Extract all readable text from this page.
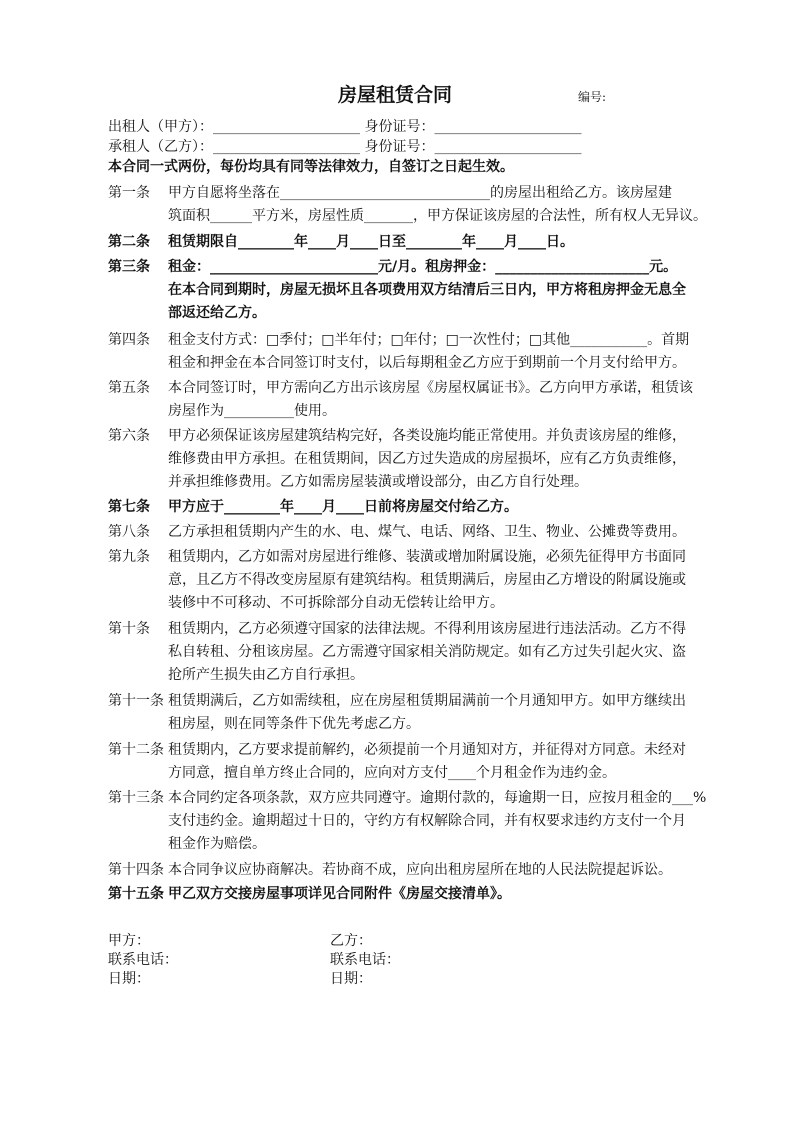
房屋租赁合同	编号:
出租人（甲方）：_____________________ 身份证号：_____________________
承租人（乙方）：_____________________ 身份证号：_____________________
本合同一式两份，每份均具有同等法律效力，自签订之日起生效。
第一条 甲方自愿将坐落在______________________________的房屋出租给乙方。该房屋建
筑面积______平方米，房屋性质_______，甲方保证该房屋的合法性，所有权人无异议。
第二条 租赁期限自________年____月____日至________年____月____日。
第三条 租金：________________________元/月。租房押金：______________________元。
在本合同到期时，房屋无损坏且各项费用双方结清后三日内，甲方将租房押金无息全
部返还给乙方。
第四条 租金支付方式：□季付；□半年付；□年付；□一次性付；□其他___________。首期
租金和押金在本合同签订时支付，以后每期租金乙方应于到期前一个月支付给甲方。
第五条 本合同签订时，甲方需向乙方出示该房屋《房屋权属证书》。乙方向甲方承诺，租赁该
房屋作为__________使用。
第六条 甲方必须保证该房屋建筑结构完好，各类设施均能正常使用。并负责该房屋的维修，
维修费由甲方承担。在租赁期间，因乙方过失造成的房屋损坏，应有乙方负责维修，
并承担维修费用。乙方如需房屋装潢或增设部分，由乙方自行处理。
第七条 甲方应于________年____月____日前将房屋交付给乙方。
第八条 乙方承担租赁期内产生的水、电、煤气、电话、网络、卫生、物业、公摊费等费用。
第九条 租赁期内，乙方如需对房屋进行维修、装潢或增加附属设施，必须先征得甲方书面同
意，且乙方不得改变房屋原有建筑结构。租赁期满后，房屋由乙方增设的附属设施或
装修中不可移动、不可拆除部分自动无偿转让给甲方。
第十条 租赁期内，乙方必须遵守国家的法律法规。不得利用该房屋进行违法活动。乙方不得
私自转租、分租该房屋。乙方需遵守国家相关消防规定。如有乙方过失引起火灾、盗
抢所产生损失由乙方自行承担。
第十一条 租赁期满后，乙方如需续租，应在房屋租赁期届满前一个月通知甲方。如甲方继续出
租房屋，则在同等条件下优先考虑乙方。
第十二条 租赁期内，乙方要求提前解约，必须提前一个月通知对方，并征得对方同意。未经对
方同意，擅自单方终止合同的，应向对方支付____个月租金作为违约金。
第十三条 本合同约定各项条款，双方应共同遵守。逾期付款的，每逾期一日，应按月租金的___%
支付违约金。逾期超过十日的，守约方有权解除合同，并有权要求违约方支付一个月
租金作为赔偿。
第十四条 本合同争议应协商解决。若协商不成，应向出租房屋所在地的人民法院提起诉讼。
第十五条 甲乙双方交接房屋事项详见合同附件《房屋交接清单》。
甲方：	乙方：
联系电话：	联系电话：
日期：	日期：
